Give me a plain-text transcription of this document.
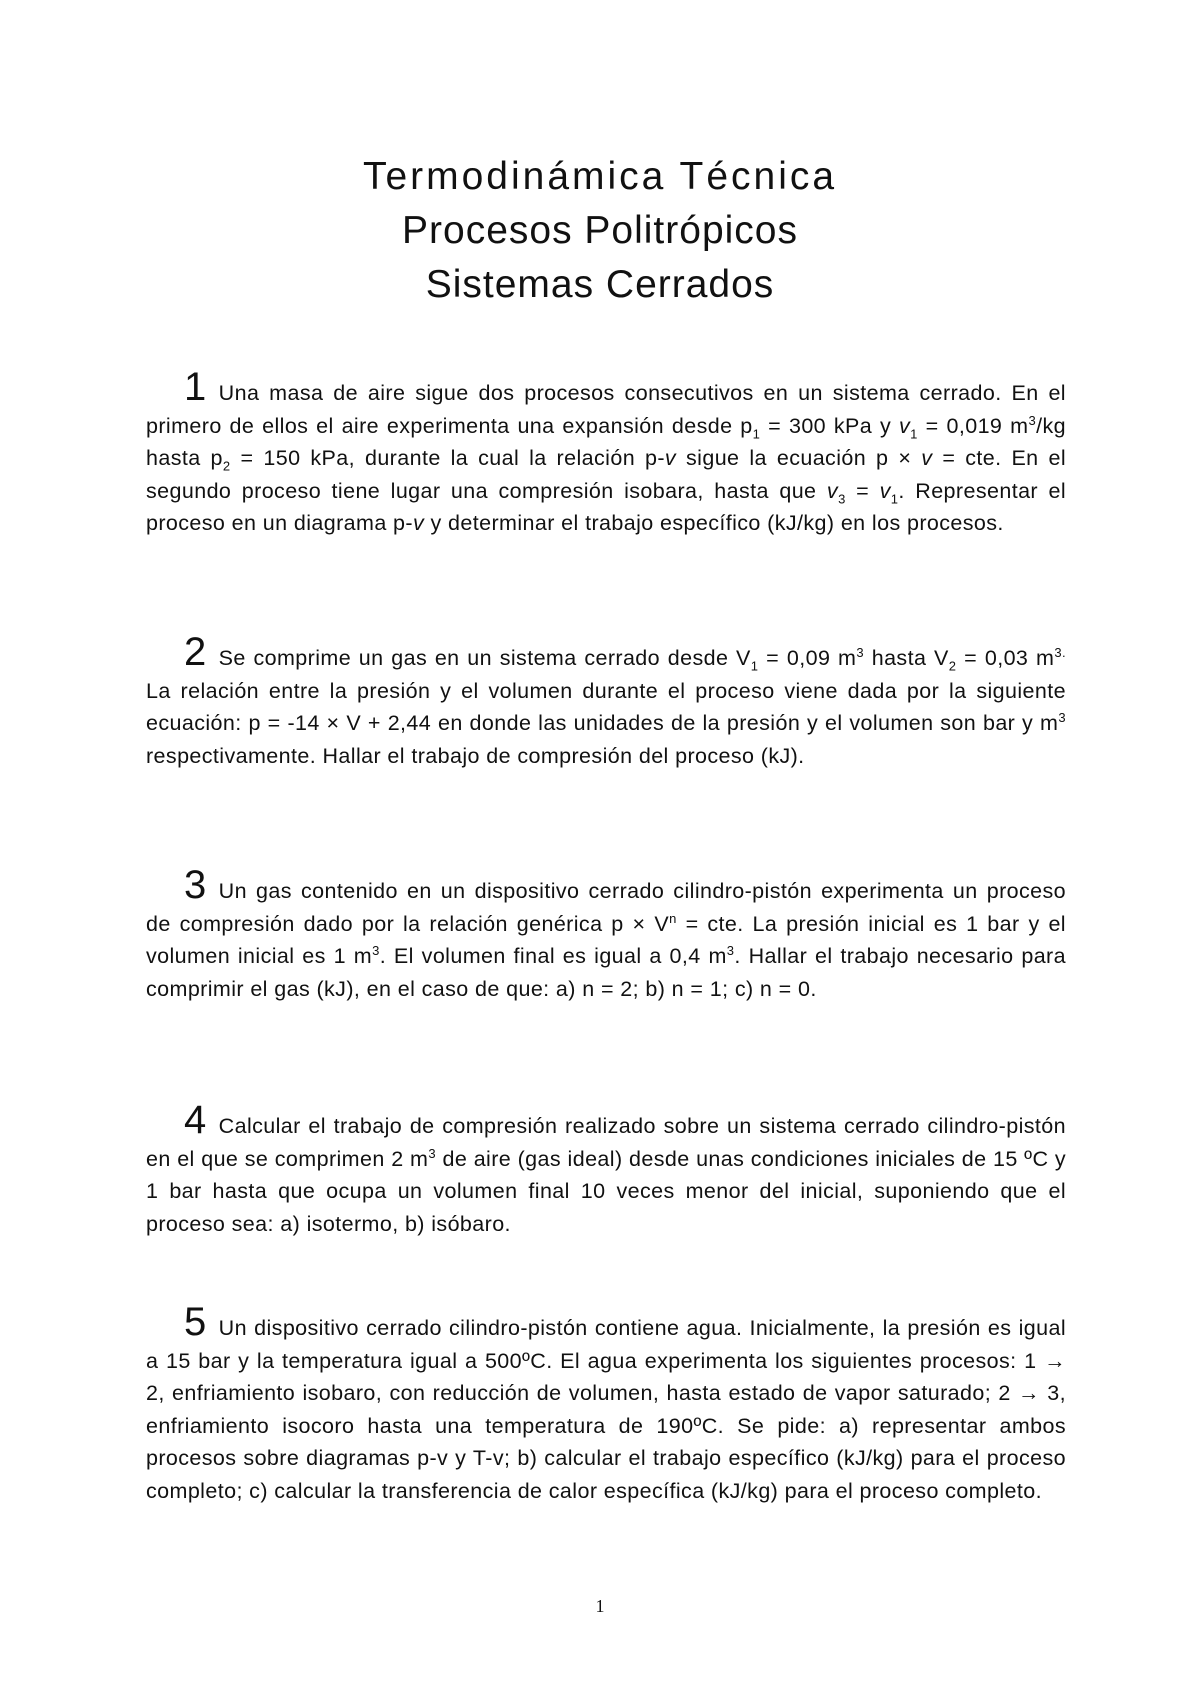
Termodinámica Técnica
Procesos Politrópicos
Sistemas Cerrados
1 Una masa de aire sigue dos procesos consecutivos en un sistema cerrado. En el primero de ellos el aire experimenta una expansión desde $p_1 = 300$ kPa y $v_1 = 0,019$ $m^3/kg$ hasta $p_2 = 150$ kPa, durante la cual la relación p-v sigue la ecuación p × v = cte. En el segundo proceso tiene lugar una compresión isobara, hasta que $v_3 = v_1$. Representar el proceso en un diagrama p-v y determinar el trabajo específico (kJ/kg) en los procesos.
2 Se comprime un gas en un sistema cerrado desde $V_1 = 0,09$ $m^3$ hasta $V_2 = 0,03$ $m^{3.}$ La relación entre la presión y el volumen durante el proceso viene dada por la siguiente ecuación: p = -14 × V + 2,44 en donde las unidades de la presión y el volumen son bar y $m^3$ respectivamente. Hallar el trabajo de compresión del proceso (kJ).
3 Un gas contenido en un dispositivo cerrado cilindro-pistón experimenta un proceso de compresión dado por la relación genérica $p \times V^n$ = cte. La presión inicial es 1 bar y el volumen inicial es 1 $m^3$. El volumen final es igual a 0,4 $m^3$. Hallar el trabajo necesario para comprimir el gas (kJ), en el caso de que: a) n = 2; b) n = 1; c) n = 0.
4 Calcular el trabajo de compresión realizado sobre un sistema cerrado cilindro-pistón en el que se comprimen 2 $m^3$ de aire (gas ideal) desde unas condiciones iniciales de 15 ºC y 1 bar hasta que ocupa un volumen final 10 veces menor del inicial, suponiendo que el proceso sea: a) isotermo, b) isóbaro.
5 Un dispositivo cerrado cilindro-pistón contiene agua. Inicialmente, la presión es igual a 15 bar y la temperatura igual a 500ºC. El agua experimenta los siguientes procesos: 1 → 2, enfriamiento isobaro, con reducción de volumen, hasta estado de vapor saturado; 2 → 3, enfriamiento isocoro hasta una temperatura de 190ºC. Se pide: a) representar ambos procesos sobre diagramas p-v y T-v; b) calcular el trabajo específico (kJ/kg) para el proceso completo; c) calcular la transferencia de calor específica (kJ/kg) para el proceso completo.
1
